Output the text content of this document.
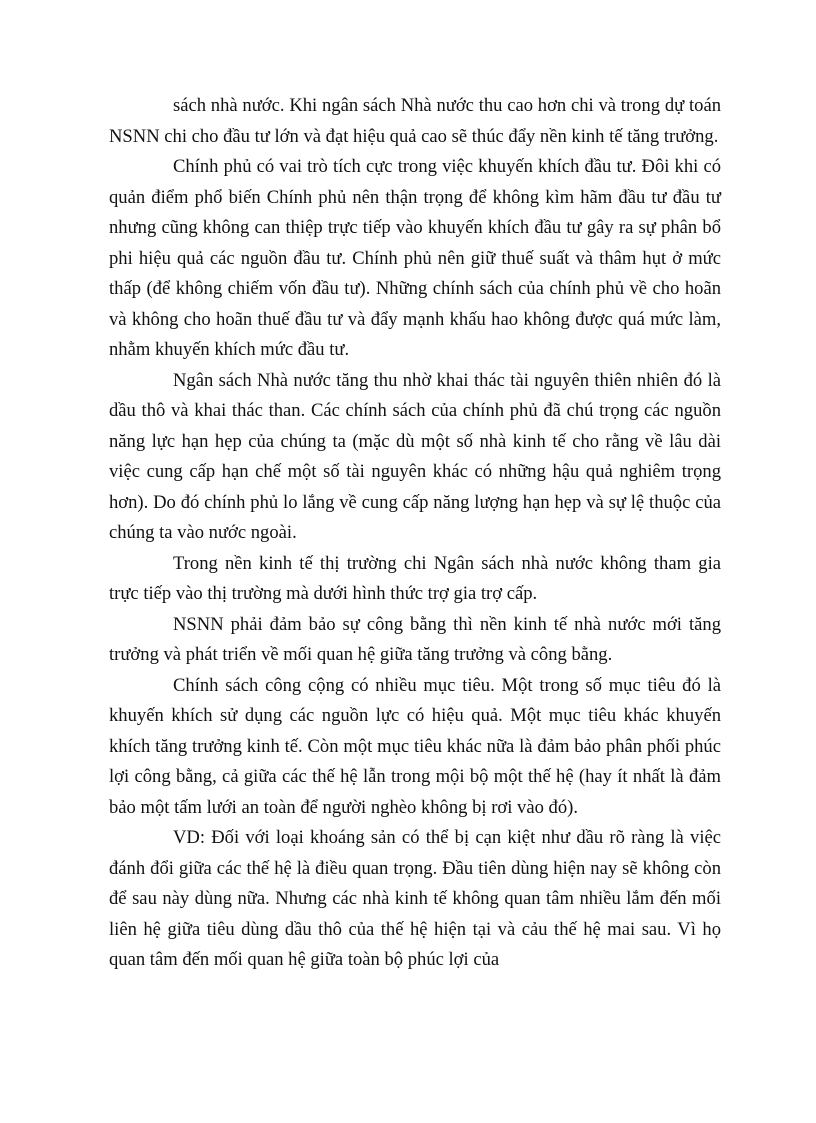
sách nhà nước. Khi ngân sách Nhà nước thu cao hơn chi và trong dự toán NSNN chi cho đầu tư lớn và đạt hiệu quả cao sẽ thúc đẩy nền kinh tế tăng trưởng.

Chính phủ có vai trò tích cực trong việc khuyến khích đầu tư. Đôi khi có quản điểm phổ biến Chính phủ nên thận trọng để không kìm hãm đầu tư đầu tư nhưng cũng không can thiệp trực tiếp vào khuyến khích đầu tư gây ra sự phân bổ phi hiệu quả các nguồn đầu tư. Chính phủ nên giữ thuế suất và thâm hụt ở mức thấp (để không chiếm vốn đầu tư). Những chính sách của chính phủ về cho hoãn và không cho hoãn thuế đầu tư và đẩy mạnh khấu hao không được quá mức làm, nhằm khuyến khích mức đầu tư.

Ngân sách Nhà nước tăng thu nhờ khai thác tài nguyên thiên nhiên đó là dầu thô và khai thác than. Các chính sách của chính phủ đã chú trọng các nguồn năng lực hạn hẹp của chúng ta (mặc dù một số nhà kinh tế cho rằng về lâu dài việc cung cấp hạn chế một số tài nguyên khác có những hậu quả nghiêm trọng hơn). Do đó chính phủ lo lắng về cung cấp năng lượng hạn hẹp và sự lệ thuộc của chúng ta vào nước ngoài.

Trong nền kinh tế thị trường chi Ngân sách nhà nước không tham gia trực tiếp vào thị trường mà dưới hình thức trợ gia trợ cấp.

NSNN phải đảm bảo sự công bằng thì nền kinh tế nhà nước mới tăng trưởng và phát triển về mối quan hệ giữa tăng trưởng và công bằng.

Chính sách công cộng có nhiều mục tiêu. Một trong số mục tiêu đó là khuyến khích sử dụng các nguồn lực có hiệu quả. Một mục tiêu khác khuyến khích tăng trưởng kinh tế. Còn một mục tiêu khác nữa là đảm bảo phân phối phúc lợi công bằng, cả giữa các thế hệ lẫn trong mội bộ một thế hệ (hay ít nhất là đảm bảo một tấm lưới an toàn để người nghèo không bị rơi vào đó).

VD: Đối với loại khoáng sản có thể bị cạn kiệt như dầu rõ ràng là việc đánh đổi giữa các thế hệ là điều quan trọng. Đầu tiên dùng hiện nay sẽ không còn để sau này dùng nữa. Nhưng các nhà kinh tế không quan tâm nhiều lắm đến mối liên hệ giữa tiêu dùng dầu thô của thế hệ hiện tại và cảu thế hệ mai sau. Vì họ quan tâm đến mối quan hệ giữa toàn bộ phúc lợi của
